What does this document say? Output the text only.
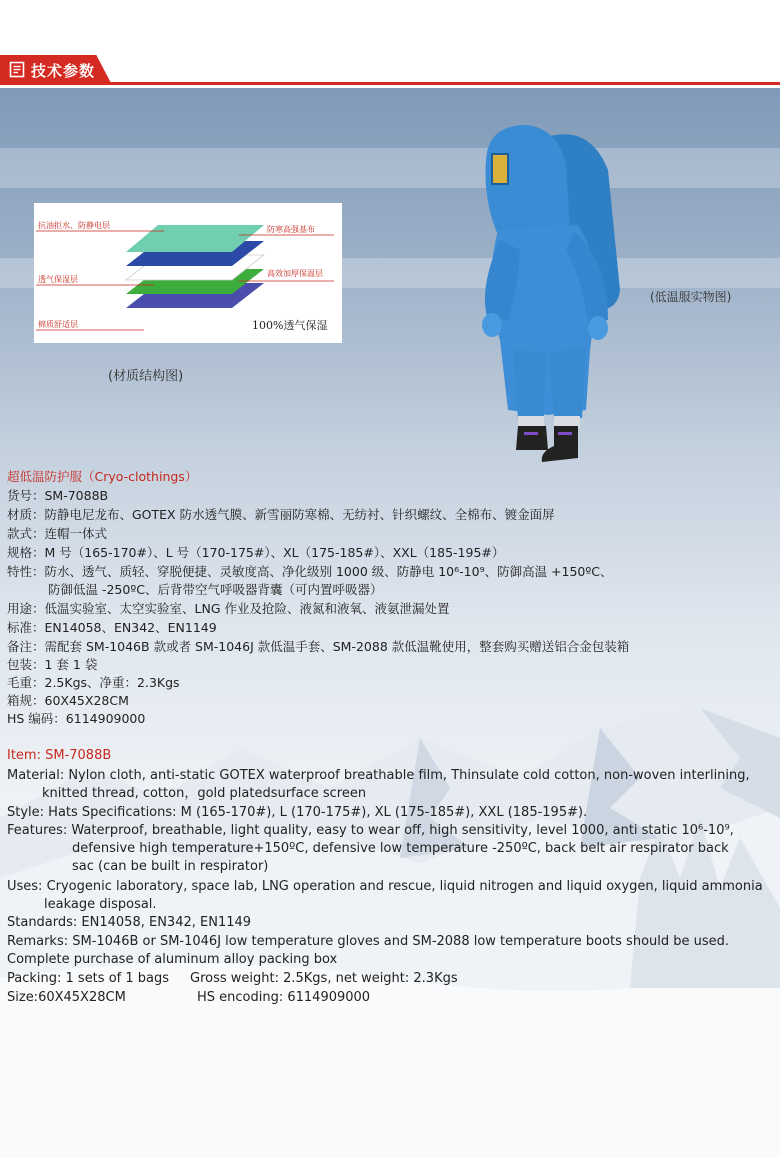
技术参数
抗油拒水、防静电层	防寒高强基布
透气保湿层
高效加厚保温层
棉质舒适层	100%透气保湿
(材质结构图)
(低温服实物图)
超低温防护服（Cryo-clothings）
货号：SM-7088B
材质：防静电尼龙布、GOTEX 防水透气膜、新雪丽防寒棉、无纺衬、针织螺纹、全棉布、镀金面屏
款式：连帽一体式
规格：M 号（165-170#）、L 号（170-175#）、XL（175-185#）、XXL（185-195#）
特性：防水、透气、质轻、穿脱便捷、灵敏度高、净化级别 1000 级、防静电 10⁶-10⁹、防御高温 +150ºC、
防御低温 -250ºC、后背带空气呼吸器背囊（可内置呼吸器）
用途：低温实验室、太空实验室、LNG 作业及抢险、液氮和液氧、液氨泄漏处置
标准：EN14058、EN342、EN1149
备注：需配套 SM-1046B 款或者 SM-1046J 款低温手套、SM-2088 款低温靴使用，整套购买赠送铝合金包装箱
包装：1 套 1 袋
毛重：2.5Kgs、净重：2.3Kgs
箱规：60X45X28CM
HS 编码：6114909000
Item: SM-7088B
Material: Nylon cloth, anti-static GOTEX waterproof breathable film, Thinsulate cold cotton, non-woven interlining,
knitted thread, cotton，gold platedsurface screen
Style: Hats Specifications: M (165-170#), L (170-175#), XL (175-185#), XXL (185-195#).
Features: Waterproof, breathable, light quality, easy to wear off, high sensitivity, level 1000, anti static 10⁶-10⁹,
defensive high temperature+150ºC, defensive low temperature -250ºC, back belt air respirator back
sac (can be built in respirator)
Uses: Cryogenic laboratory, space lab, LNG operation and rescue, liquid nitrogen and liquid oxygen, liquid ammonia
leakage disposal.
Standards: EN14058, EN342, EN1149
Remarks: SM-1046B or SM-1046J low temperature gloves and SM-2088 low temperature boots should be used.
Complete purchase of aluminum alloy packing box
Packing: 1 sets of 1 bags Gross weight: 2.5Kgs, net weight: 2.3Kgs
Size:60X45X28CM	HS encoding: 6114909000
